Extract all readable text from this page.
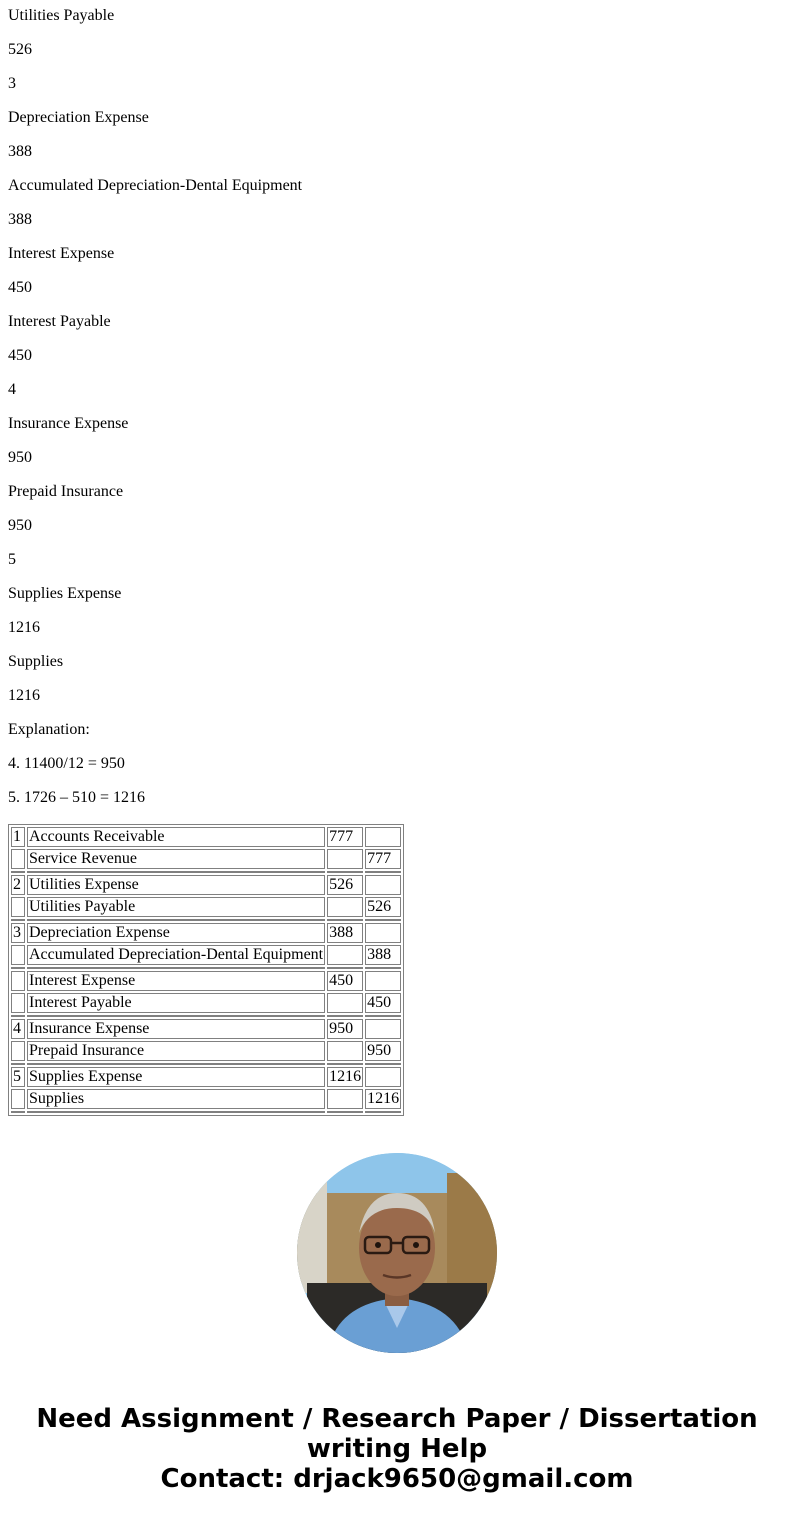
Utilities Payable

526

3

Depreciation Expense

388

Accumulated Depreciation-Dental Equipment

388

Interest Expense

450

Interest Payable

450

4

Insurance Expense

950

Prepaid Insurance

950

5

Supplies Expense

1216

Supplies

1216

Explanation:

4. 11400/12 = 950

5. 1726 – 510 = 1216

1	Accounts Receivable	777	
	Service Revenue		777

2	Utilities Expense	526	
	Utilities Payable		526

3	Depreciation Expense	388	
	Accumulated Depreciation-Dental Equipment		388

	Interest Expense	450	
	Interest Payable		450

4	Insurance Expense	950	
	Prepaid Insurance		950

5	Supplies Expense	1216	
	Supplies		1216

Need Assignment / Research Paper / Dissertation
writing Help
Contact: drjack9650@gmail.com
